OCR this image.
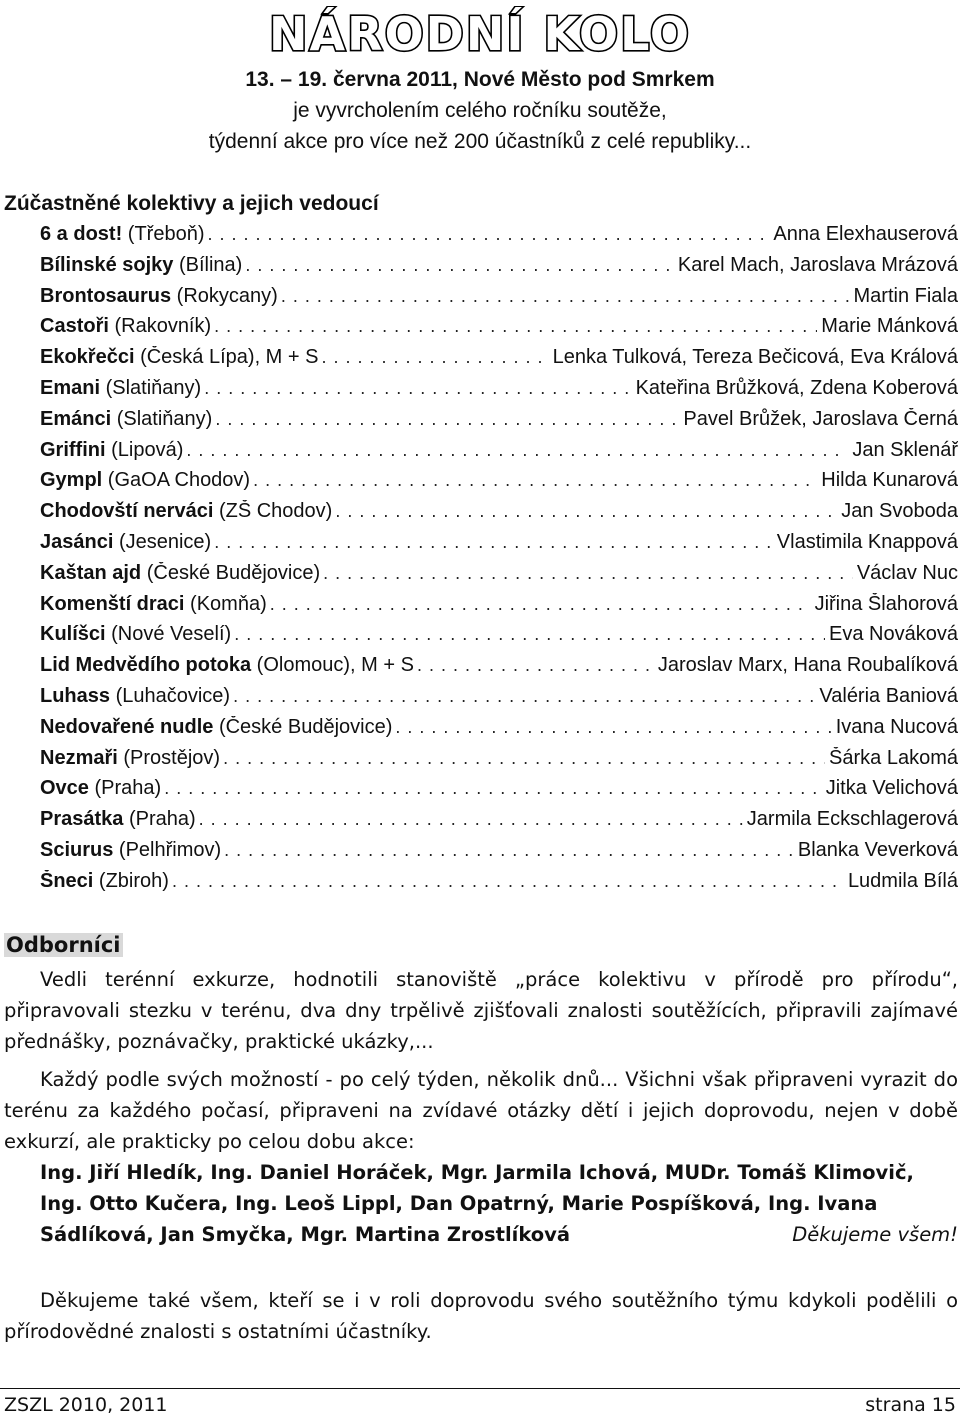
NÁRODNÍ KOLO
13. – 19. června 2011, Nové Město pod Smrkem
je vyvrcholením celého ročníku soutěže,
týdenní akce pro více než 200 účastníků z celé republiky...
Zúčastněné kolektivy a jejich vedoucí
6 a dost! (Třeboň) . . .	Anna Elexhauserová
Bílinské sojky (Bílina) . . .	Karel Mach, Jaroslava Mrázová
Brontosaurus (Rokycany) . . .	Martin Fiala
Castoři (Rakovník) . . .	Marie Mánková
Ekokřečci (Česká Lípa), M + S . . .	Lenka Tulková, Tereza Bečicová, Eva Králová
Emani (Slatiňany) . . .	Kateřina Brůžková, Zdena Koberová
Emánci (Slatiňany) . . .	Pavel Brůžek, Jaroslava Černá
Griffini (Lipová) . . .	Jan Sklenář
Gympl (GaOA Chodov) . . .	Hilda Kunarová
Chodovští nerváci (ZŠ Chodov) . . .	Jan Svoboda
Jasánci (Jesenice) . . .	Vlastimila Knappová
Kaštan ajd (České Budějovice) . . .	Václav Nuc
Komenští draci (Komňa) . . .	Jiřina Šlahorová
Kulíšci (Nové Veselí) . . .	Eva Nováková
Lid Medvědího potoka (Olomouc), M + S . . .	Jaroslav Marx, Hana Roubalíková
Luhass (Luhačovice) . . .	Valéria Baniová
Nedovařené nudle (České Budějovice) . . .	Ivana Nucová
Nezmaři (Prostějov) . . .	Šárka Lakomá
Ovce (Praha) . . .	Jitka Velichová
Prasátka (Praha) . . .	Jarmila Eckschlagerová
Sciurus (Pelhřimov) . . .	Blanka Veverková
Šneci (Zbiroh) . . .	Ludmila Bílá
Odborníci
Vedli terénní exkurze, hodnotili stanoviště „práce kolektivu v přírodě pro přírodu“, připravovali stezku v terénu, dva dny trpělivě zjišťovali znalosti soutěžících, připravili zajímavé přednášky, poznávačky, praktické ukázky,...
Každý podle svých možností - po celý týden, několik dnů... Všichni však připraveni vyrazit do terénu za každého počasí, připraveni na zvídavé otázky dětí i jejich doprovodu, nejen v době exkurzí, ale prakticky po celou dobu akce:
Ing. Jiří Hledík, Ing. Daniel Horáček, Mgr. Jarmila Ichová, MUDr. Tomáš Klimovič, Ing. Otto Kučera, Ing. Leoš Lippl, Dan Opatrný, Marie Pospíšková, Ing. Ivana Sádlíková, Jan Smyčka, Mgr. Martina Zrostlíková	Děkujeme všem!
Děkujeme také všem, kteří se i v roli doprovodu svého soutěžního týmu kdykoli podělili o přírodovědné znalosti s ostatními účastníky.
ZSZL 2010, 2011	strana 15
